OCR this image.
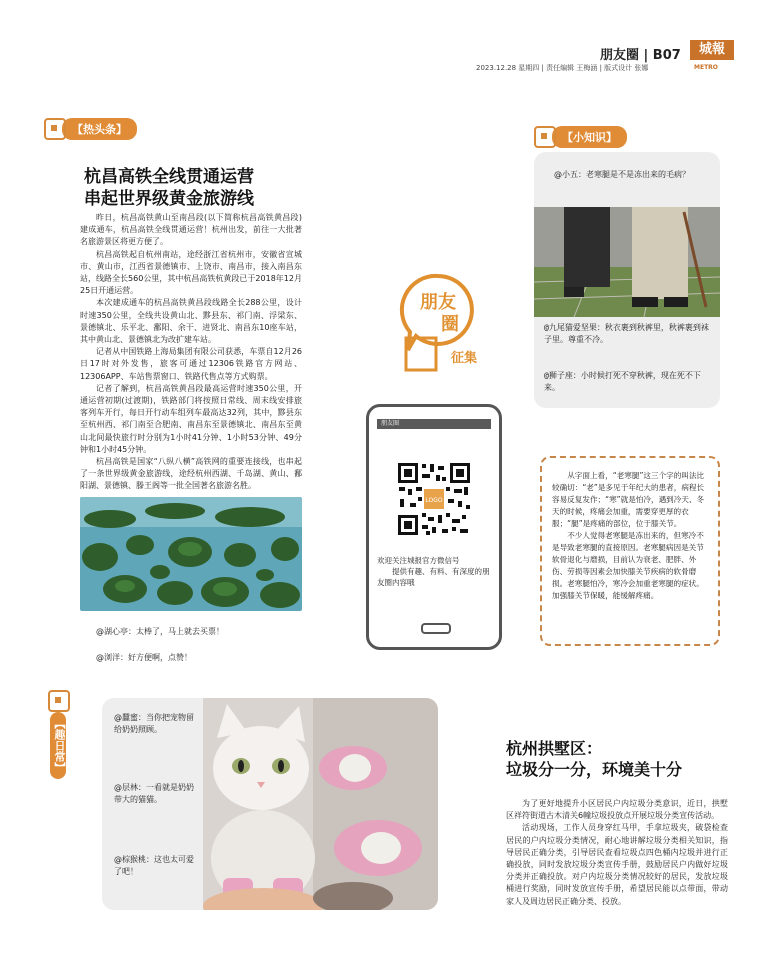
朋友圈 | B07	城報
METRO
2023.12.28 星期四 | 责任编辑 王梅涵 | 版式设计 张娜
【热头条】
杭昌高铁全线贯通运营
串起世界级黄金旅游线

昨日，杭昌高铁黄山至南昌段(以下简称杭昌高铁黄昌段)建成通车，杭昌高铁全线贯通运营！杭州出发，前往一大批著名旅游景区将更方便了。

杭昌高铁起自杭州南站，途经浙江省杭州市，安徽省宣城市、黄山市，江西省景德镇市、上饶市、南昌市，接入南昌东站，线路全长560公里，其中杭昌高铁杭黄段已于2018年12月25日开通运营。

本次建成通车的杭昌高铁黄昌段线路全长288公里，设计时速350公里，全线共设黄山北、黟县东、祁门南、浮梁东、景德镇北、乐平北、鄱阳、余干、进贤北、南昌东10座车站，其中黄山北、景德镇北为改扩建车站。

记者从中国铁路上海局集团有限公司获悉，车票自12月26日17时对外发售，旅客可通过12306铁路官方网站、12306APP、车站售票窗口、铁路代售点等方式购票。

记者了解到，杭昌高铁黄昌段最高运营时速350公里，开通运营初期(过渡期)，铁路部门将按照日常线、周末线安排旅客列车开行，每日开行动车组列车最高达32列，其中，黟县东至杭州西、祁门南至合肥南、南昌东至景德镇北、南昌东至黄山北间最快旅行时分别为1小时41分钟、1小时53分钟、49分钟和1小时45分钟。

杭昌高铁是国家“八纵八横”高铁网的重要连接线，也串起了一条世界级黄金旅游线，途经杭州西湖、千岛湖、黄山、鄱阳湖、景德镇、滕王阁等一批全国著名旅游名胜。

@湖心亭：太棒了，马上就去买票！
@浏洋：好方便啊，点赞！
朋友
圈
征集
朋友圈
LOGO
欢迎关注城报官方微信号
提供有趣、有料、有深度的朋友圈内容哦
【小知识】
@小五：老寒腿是不是冻出来的毛病？
@九尾猫爱坚果：秋衣裹到秋裤里，秋裤裹到袜子里。尊重不冷。
@狮子座：小时候打死不穿秋裤，现在死不下来。

从字面上看，“老寒腿”这三个字的叫法比较确切：“老”是多见于年纪大的患者，病程长容易反复发作；“寒”就是怕冷，遇到冷天、冬天的时候，疼痛会加重，需要穿更厚的衣服；“腿”是疼痛的部位，位于膝关节。

不少人觉得老寒腿是冻出来的，但寒冷不是导致老寒腿的直接原因。老寒腿病因是关节软骨退化与磨损，目前认为衰老、肥胖、外伤、劳损等因素会加快膝关节疾病的软骨磨损。老寒腿怕冷，寒冷会加重老寒腿的症状。加强膝关节保暖，能缓解疼痛。

【趣日常】
@蠶蜜：当你把宠物留给奶奶照顾。
@层林：一看就是奶奶带大的猫猫。
@棕猴桃：这也太可爱了吧！
杭州拱墅区：
垃圾分一分，环境美十分

为了更好地提升小区居民户内垃圾分类意识，近日，拱墅区祥符街道古木清关6幢垃圾投放点开展垃圾分类宣传活动。

活动现场，工作人员身穿红马甲，手拿垃圾夹，破袋检查居民的户内垃圾分类情况，耐心地讲解垃圾分类相关知识，指导居民正确分类，引导居民查看垃圾点四色桶内垃圾并进行正确投放，同时发放垃圾分类宣传手册，鼓励居民户内做好垃圾分类并正确投放。对户内垃圾分类情况较好的居民，发放垃圾桶进行奖励，同时发放宣传手册，希望居民能以点带面，带动家人及周边居民正确分类、投放。
